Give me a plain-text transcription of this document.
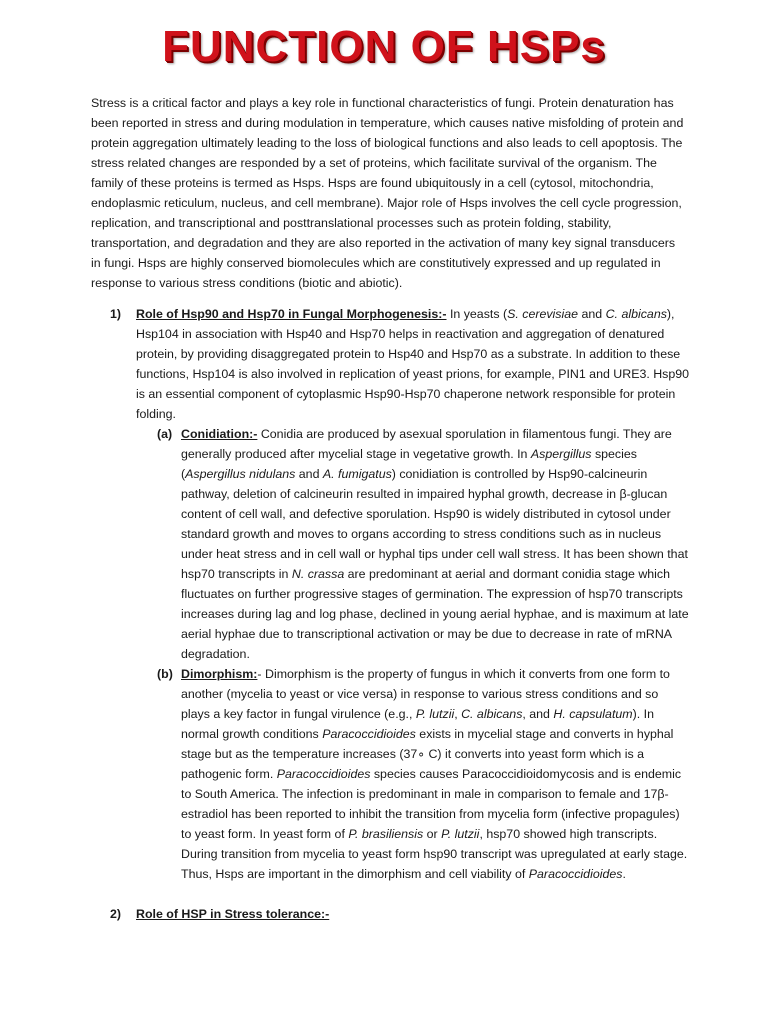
FUNCTION OF HSPs

Stress is a critical factor and plays a key role in functional characteristics of fungi. Protein denaturation has been reported in stress and during modulation in temperature, which causes native misfolding of protein and protein aggregation ultimately leading to the loss of biological functions and also leads to cell apoptosis. The stress related changes are responded by a set of proteins, which facilitate survival of the organism. The family of these proteins is termed as Hsps. Hsps are found ubiquitously in a cell (cytosol, mitochondria, endoplasmic reticulum, nucleus, and cell membrane). Major role of Hsps involves the cell cycle progression, replication, and transcriptional and posttranslational processes such as protein folding, stability, transportation, and degradation and they are also reported in the activation of many key signal transducers in fungi. Hsps are highly conserved biomolecules which are constitutively expressed and up regulated in response to various stress conditions (biotic and abiotic).

1)	Role of Hsp90 and Hsp70 in Fungal Morphogenesis:- In yeasts (S. cerevisiae and C. albicans), Hsp104 in association with Hsp40 and Hsp70 helps in reactivation and aggregation of denatured protein, by providing disaggregated protein to Hsp40 and Hsp70 as a substrate. In addition to these functions, Hsp104 is also involved in replication of yeast prions, for example, PIN1 and URE3. Hsp90 is an essential component of cytoplasmic Hsp90-Hsp70 chaperone network responsible for protein folding.
(a) Conidiation:- Conidia are produced by asexual sporulation in filamentous fungi. They are generally produced after mycelial stage in vegetative growth. In Aspergillus species (Aspergillus nidulans and A. fumigatus) conidiation is controlled by Hsp90-calcineurin pathway, deletion of calcineurin resulted in impaired hyphal growth, decrease in β-glucan content of cell wall, and defective sporulation. Hsp90 is widely distributed in cytosol under standard growth and moves to organs according to stress conditions such as in nucleus under heat stress and in cell wall or hyphal tips under cell wall stress. It has been shown that hsp70 transcripts in N. crassa are predominant at aerial and dormant conidia stage which fluctuates on further progressive stages of germination. The expression of hsp70 transcripts increases during lag and log phase, declined in young aerial hyphae, and is maximum at late aerial hyphae due to transcriptional activation or may be due to decrease in rate of mRNA degradation.
(b) Dimorphism:- Dimorphism is the property of fungus in which it converts from one form to another (mycelia to yeast or vice versa) in response to various stress conditions and so plays a key factor in fungal virulence (e.g., P. lutzii, C. albicans, and H. capsulatum). In normal growth conditions Paracoccidioides exists in mycelial stage and converts in hyphal stage but as the temperature increases (37∘ C) it converts into yeast form which is a pathogenic form. Paracoccidioides species causes Paracoccidioidomycosis and is endemic to South America. The infection is predominant in male in comparison to female and 17β-estradiol has been reported to inhibit the transition from mycelia form (infective propagules) to yeast form. In yeast form of P. brasiliensis or P. lutzii, hsp70 showed high transcripts. During transition from mycelia to yeast form hsp90 transcript was upregulated at early stage. Thus, Hsps are important in the dimorphism and cell viability of Paracoccidioides.
2)	Role of HSP in Stress tolerance:-
